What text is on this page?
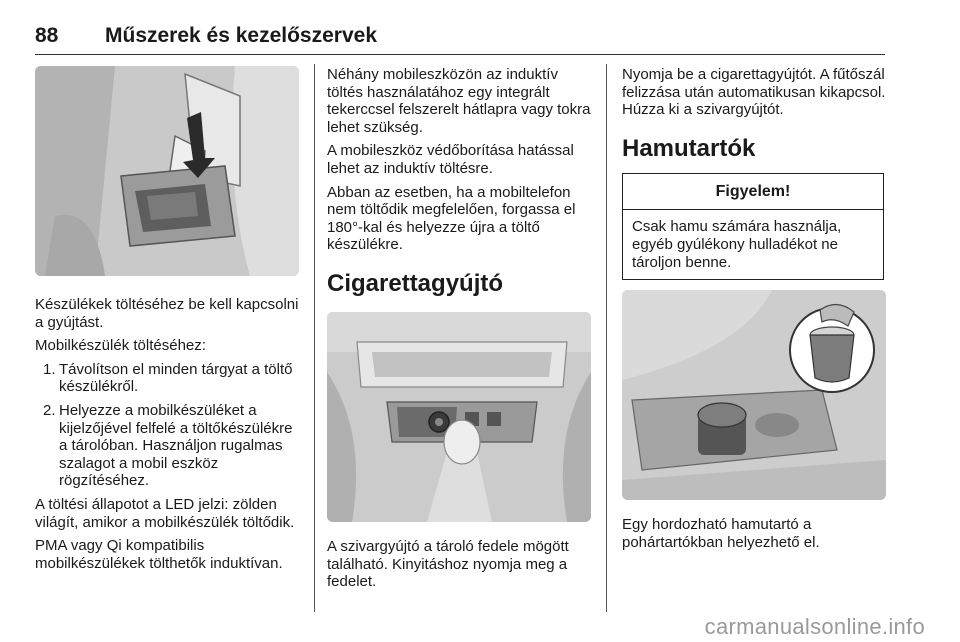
88 Műszerek és kezelőszervek

Készülékek töltéséhez be kell kapcsolni a gyújtást.

Mobilkészülék töltéséhez:

1. Távolítson el minden tárgyat a töltő készülékről.
2. Helyezze a mobilkészüléket a kijelzőjével felfelé a töltőkészülékre a tárolóban. Használjon rugalmas szalagot a mobil eszköz rögzítéséhez.

A töltési állapotot a LED jelzi: zölden világít, amikor a mobilkészülék töltődik.

PMA vagy Qi kompatibilis mobilkészülékek tölthetők induktívan.

Néhány mobileszközön az induktív töltés használatához egy integrált tekerccsel felszerelt hátlapra vagy tokra lehet szükség.

A mobileszköz védőborítása hatással lehet az induktív töltésre.

Abban az esetben, ha a mobiltelefon nem töltődik megfelelően, forgassa el 180°-kal és helyezze újra a töltő készülékre.

Cigarettagyújtó

A szivargyújtó a tároló fedele mögött található. Kinyitáshoz nyomja meg a fedelet.

Nyomja be a cigarettagyújtót. A fűtőszál felizzása után automatikusan kikapcsol. Húzza ki a szivargyújtót.

Hamutartók
Figyelem!
Csak hamu számára használja, egyéb gyúlékony hulladékot ne tároljon benne.

Egy hordozható hamutartó a pohártartókban helyezhető el.

carmanualsonline.info
